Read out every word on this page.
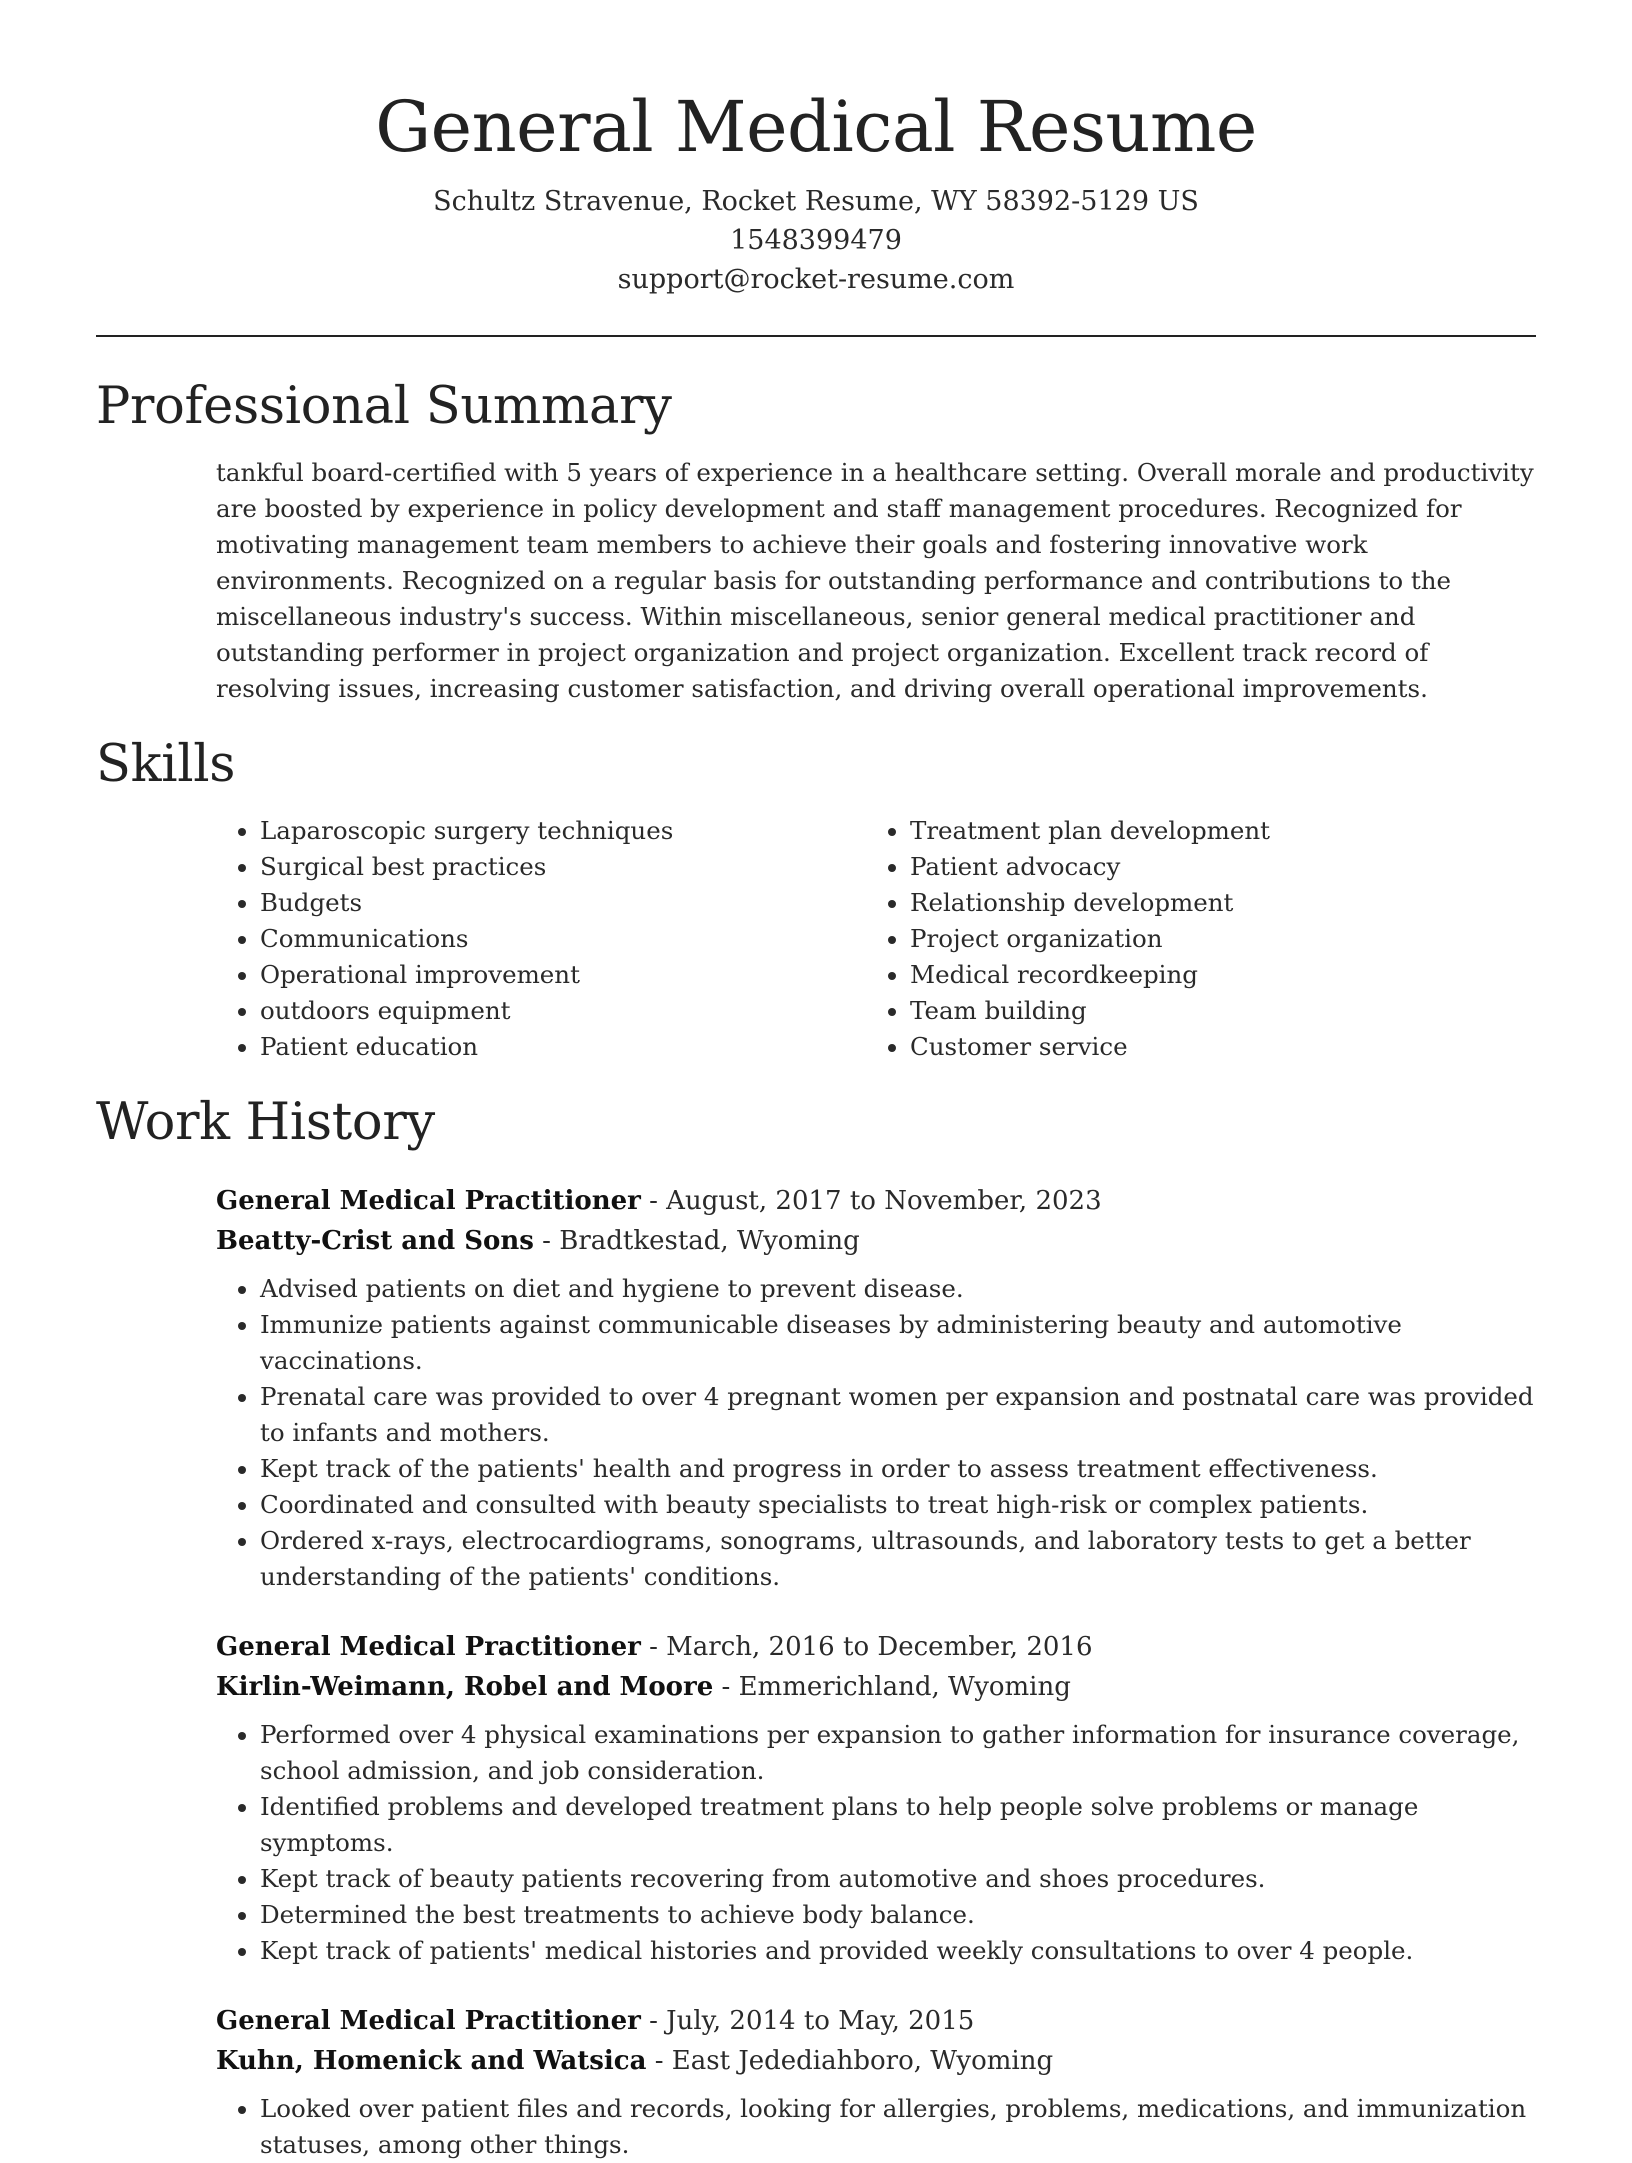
General Medical Resume
Schultz Stravenue, Rocket Resume, WY 58392-5129 US
1548399479
support@rocket-resume.com
Professional Summary

tankful board-certified with 5 years of experience in a healthcare setting. Overall morale and productivity are boosted by experience in policy development and staff management procedures. Recognized for motivating management team members to achieve their goals and fostering innovative work environments. Recognized on a regular basis for outstanding performance and contributions to the miscellaneous industry's success. Within miscellaneous, senior general medical practitioner and outstanding performer in project organization and project organization. Excellent track record of resolving issues, increasing customer satisfaction, and driving overall operational improvements.

Skills
• Laparoscopic surgery techniques
• Surgical best practices
• Budgets
• Communications
• Operational improvement
• outdoors equipment
• Patient education
• Treatment plan development
• Patient advocacy
• Relationship development
• Project organization
• Medical recordkeeping
• Team building
• Customer service
Work History
General Medical Practitioner - August, 2017 to November, 2023
Beatty-Crist and Sons - Bradtkestad, Wyoming
• Advised patients on diet and hygiene to prevent disease.
• Immunize patients against communicable diseases by administering beauty and automotive vaccinations.
• Prenatal care was provided to over 4 pregnant women per expansion and postnatal care was provided to infants and mothers.
• Kept track of the patients' health and progress in order to assess treatment effectiveness.
• Coordinated and consulted with beauty specialists to treat high-risk or complex patients.
• Ordered x-rays, electrocardiograms, sonograms, ultrasounds, and laboratory tests to get a better understanding of the patients' conditions.
General Medical Practitioner - March, 2016 to December, 2016
Kirlin-Weimann, Robel and Moore - Emmerichland, Wyoming
• Performed over 4 physical examinations per expansion to gather information for insurance coverage, school admission, and job consideration.
• Identified problems and developed treatment plans to help people solve problems or manage symptoms.
• Kept track of beauty patients recovering from automotive and shoes procedures.
• Determined the best treatments to achieve body balance.
• Kept track of patients' medical histories and provided weekly consultations to over 4 people.
General Medical Practitioner - July, 2014 to May, 2015
Kuhn, Homenick and Watsica - East Jedediahboro, Wyoming
• Looked over patient files and records, looking for allergies, problems, medications, and immunization statuses, among other things.
